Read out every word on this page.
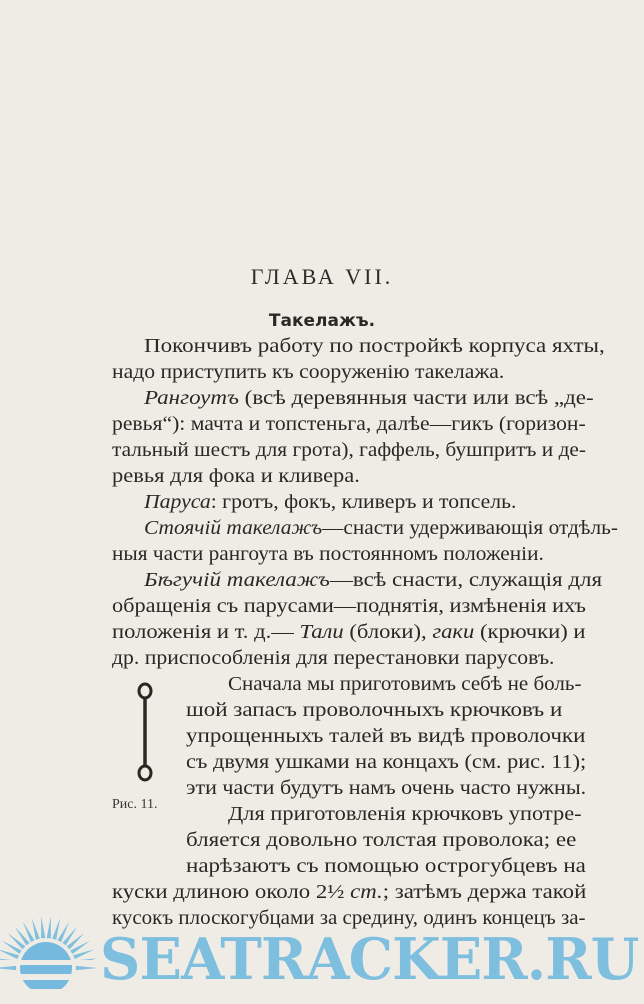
ГЛАВА VII.
Такелажъ.
Покончивъ работу по постройкѣ корпуса яхты,
надо приступить къ сооруженію такелажа.
Рангоутъ (всѣ деревянныя части или всѣ „де-
ревья“): мачта и топстеньга, далѣе—гикъ (горизон-
тальный шестъ для грота), гаффель, бушпритъ и де-
ревья для фока и кливера.
Паруса: гротъ, фокъ, кливеръ и топсель.
Стоячій такелажъ—снасти удерживающія отдѣль-
ныя части рангоута въ постоянномъ положеніи.
Бѣгучій такелажъ—всѣ снасти, служащія для
обращенія съ парусами—поднятія, измѣненія ихъ
положенія и т. д.— Тали (блоки), гаки (крючки) и
др. приспособленія для перестановки парусовъ.
Сначала мы приготовимъ себѣ не боль-
шой запасъ проволочныхъ крючковъ и
упрощенныхъ талей въ видѣ проволочки
съ двумя ушками на концахъ (см. рис. 11);
эти части будутъ намъ очень часто нужны.
Для приготовленія крючковъ употре-
бляется довольно толстая проволока; ее
нарѣзаютъ съ помощью острогубцевъ на
куски длиною около 2½ ст.; затѣмъ держа такой
кусокъ плоскогубцами за средину, одинъ концецъ за-
Рис. 11.
SEATRACKER.RU
